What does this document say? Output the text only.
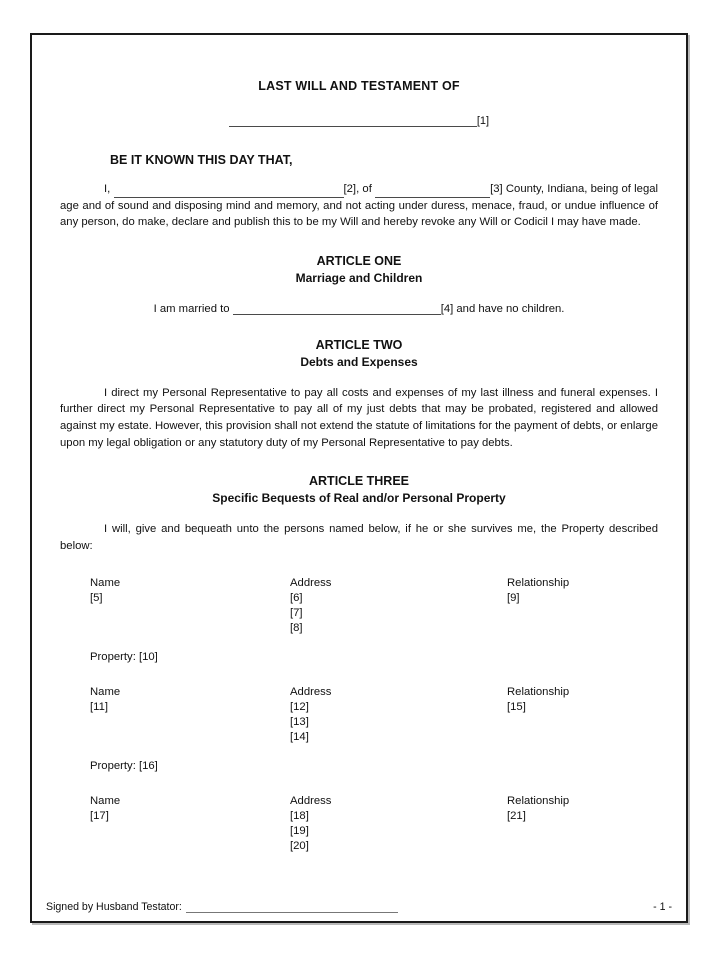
LAST WILL AND TESTAMENT OF
[1]
BE IT KNOWN THIS DAY THAT,
I,	[2], of	[3] County, Indiana, being of legal age and of sound and disposing mind and memory, and not acting under duress, menace, fraud, or undue influence of any person, do make, declare and publish this to be my Will and hereby revoke any Will or Codicil I may have made.
ARTICLE ONE
Marriage and Children
I am married to	[4] and have no children.
ARTICLE TWO
Debts and Expenses
I direct my Personal Representative to pay all costs and expenses of my last illness and funeral expenses. I further direct my Personal Representative to pay all of my just debts that may be probated, registered and allowed against my estate. However, this provision shall not extend the statute of limitations for the payment of debts, or enlarge upon my legal obligation or any statutory duty of my Personal Representative to pay debts.
ARTICLE THREE
Specific Bequests of Real and/or Personal Property
I will, give and bequeath unto the persons named below, if he or she survives me, the Property described below:
Name	Address	Relationship
[5]	[6]	[9]
[7]
[8]
Property: [10]
Name	Address	Relationship
[11]	[12]	[15]
[13]
[14]
Property: [16]
Name	Address	Relationship
[17]	[18]	[21]
[19]
[20]
Signed by Husband Testator:	- 1 -
